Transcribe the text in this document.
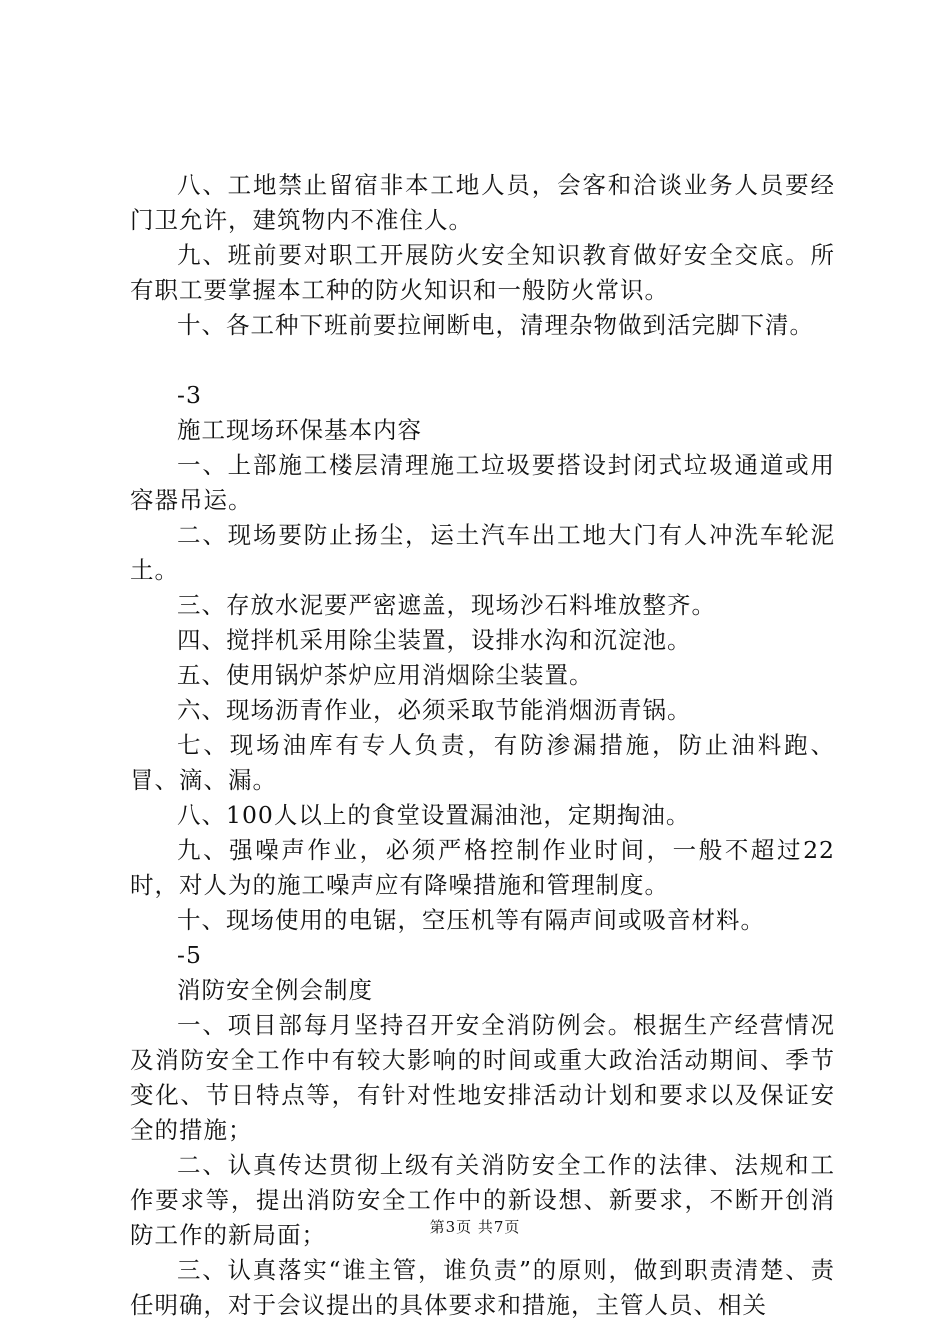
八、工地禁止留宿非本工地人员，会客和洽谈业务人员要经门卫允许，建筑物内不准住人。

九、班前要对职工开展防火安全知识教育做好安全交底。所有职工要掌握本工种的防火知识和一般防火常识。

十、各工种下班前要拉闸断电，清理杂物做到活完脚下清。

-3

施工现场环保基本内容

一、上部施工楼层清理施工垃圾要搭设封闭式垃圾通道或用容器吊运。

二、现场要防止扬尘，运土汽车出工地大门有人冲洗车轮泥土。

三、存放水泥要严密遮盖，现场沙石料堆放整齐。

四、搅拌机采用除尘装置，设排水沟和沉淀池。

五、使用锅炉茶炉应用消烟除尘装置。

六、现场沥青作业，必须采取节能消烟沥青锅。

七、现场油库有专人负责，有防渗漏措施，防止油料跑、冒、滴、漏。

八、100人以上的食堂设置漏油池，定期掏油。

九、强噪声作业，必须严格控制作业时间，一般不超过22时，对人为的施工噪声应有降噪措施和管理制度。

十、现场使用的电锯，空压机等有隔声间或吸音材料。

-5

消防安全例会制度

一、项目部每月坚持召开安全消防例会。根据生产经营情况及消防安全工作中有较大影响的时间或重大政治活动期间、季节变化、节日特点等，有针对性地安排活动计划和要求以及保证安全的措施；

二、认真传达贯彻上级有关消防安全工作的法律、法规和工作要求等，提出消防安全工作中的新设想、新要求，不断开创消防工作的新局面；

三、认真落实“谁主管，谁负责”的原则，做到职责清楚、责任明确，对于会议提出的具体要求和措施，主管人员、相关

第3页 共7页
